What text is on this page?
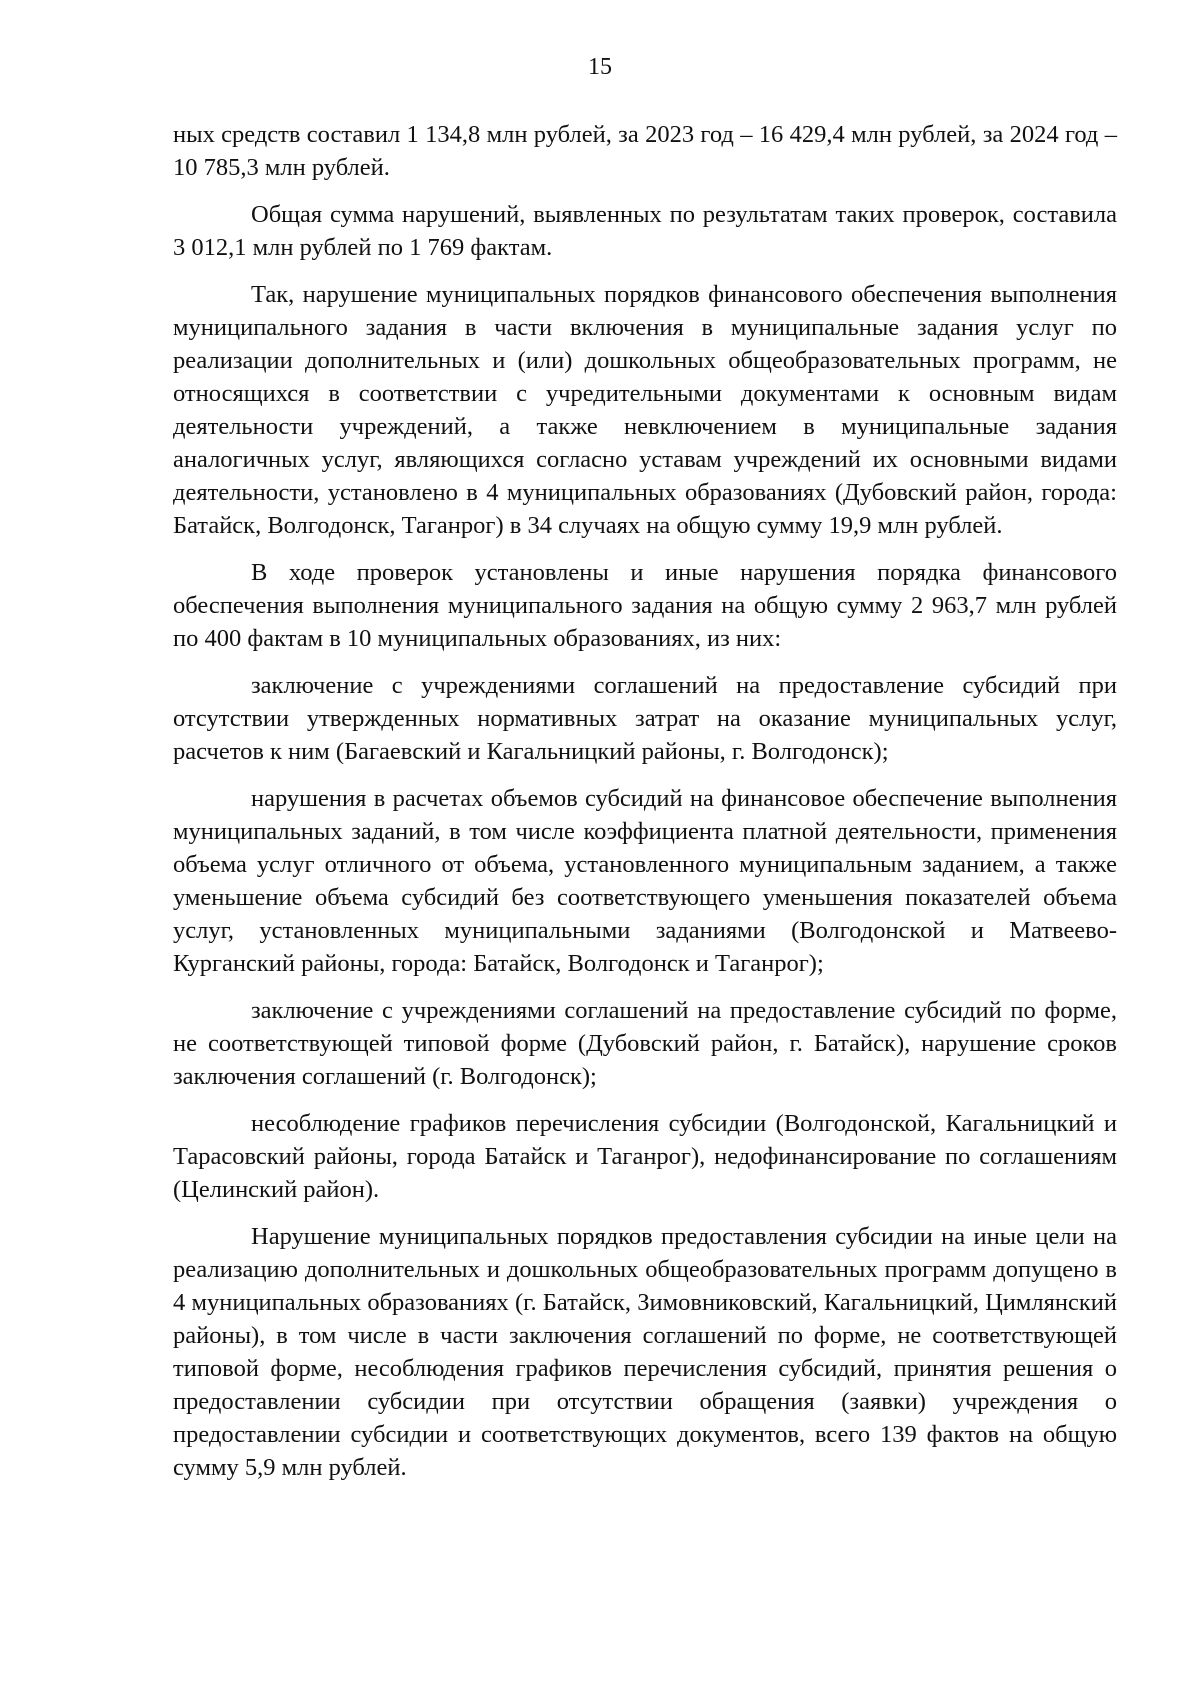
15

ных средств составил 1 134,8 млн рублей, за 2023 год – 16 429,4 млн рублей, за 2024 год – 10 785,3 млн рублей.

Общая сумма нарушений, выявленных по результатам таких проверок, составила 3 012,1 млн рублей по 1 769 фактам.

Так, нарушение муниципальных порядков финансового обеспечения выполнения муниципального задания в части включения в муниципальные задания услуг по реализации дополнительных и (или) дошкольных общеобразовательных программ, не относящихся в соответствии с учредительными документами к основным видам деятельности учреждений, а также невключением в муниципальные задания аналогичных услуг, являющихся согласно уставам учреждений их основными видами деятельности, установлено в 4 муниципальных образованиях (Дубовский район, города: Батайск, Волгодонск, Таганрог) в 34 случаях на общую сумму 19,9 млн рублей.

В ходе проверок установлены и иные нарушения порядка финансового обеспечения выполнения муниципального задания на общую сумму 2 963,7 млн рублей по 400 фактам в 10 муниципальных образованиях, из них:

заключение с учреждениями соглашений на предоставление субсидий при отсутствии утвержденных нормативных затрат на оказание муниципальных услуг, расчетов к ним (Багаевский и Кагальницкий районы, г. Волгодонск);

нарушения в расчетах объемов субсидий на финансовое обеспечение выполнения муниципальных заданий, в том числе коэффициента платной деятельности, применения объема услуг отличного от объема, установленного муниципальным заданием, а также уменьшение объема субсидий без соответствующего уменьшения показателей объема услуг, установленных муниципальными заданиями (Волгодонской и Матвеево-Курганский районы, города: Батайск, Волгодонск и Таганрог);

заключение с учреждениями соглашений на предоставление субсидий по форме, не соответствующей типовой форме (Дубовский район, г. Батайск), нарушение сроков заключения соглашений (г. Волгодонск);

несоблюдение графиков перечисления субсидии (Волгодонской, Кагальницкий и Тарасовский районы, города Батайск и Таганрог), недофинансирование по соглашениям (Целинский район).

Нарушение муниципальных порядков предоставления субсидии на иные цели на реализацию дополнительных и дошкольных общеобразовательных программ допущено в 4 муниципальных образованиях (г. Батайск, Зимовниковский, Кагальницкий, Цимлянский районы), в том числе в части заключения соглашений по форме, не соответствующей типовой форме, несоблюдения графиков перечисления субсидий, принятия решения о предоставлении субсидии при отсутствии обращения (заявки) учреждения о предоставлении субсидии и соответствующих документов, всего 139 фактов на общую сумму 5,9 млн рублей.
